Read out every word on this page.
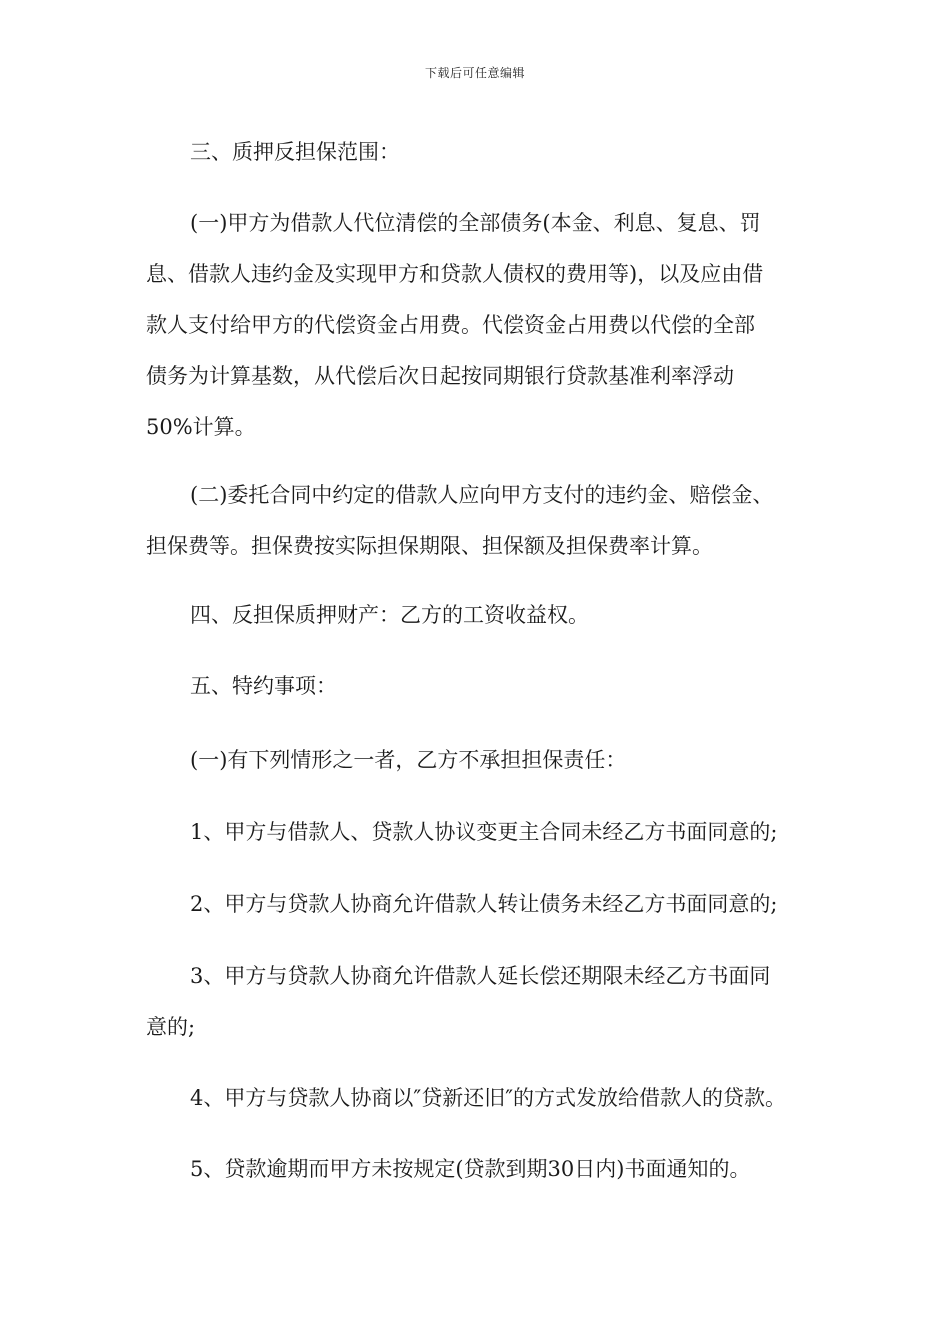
下载后可任意编辑
三、质押反担保范围：
(一)甲方为借款人代位清偿的全部债务(本金、利息、复息、罚
息、借款人违约金及实现甲方和贷款人债权的费用等)，以及应由借
款人支付给甲方的代偿资金占用费。代偿资金占用费以代偿的全部
债务为计算基数，从代偿后次日起按同期银行贷款基准利率浮动
50%计算。
(二)委托合同中约定的借款人应向甲方支付的违约金、赔偿金、
担保费等。担保费按实际担保期限、担保额及担保费率计算。
四、反担保质押财产：乙方的工资收益权。
五、特约事项：
(一)有下列情形之一者，乙方不承担担保责任：
1、甲方与借款人、贷款人协议变更主合同未经乙方书面同意的;
2、甲方与贷款人协商允许借款人转让债务未经乙方书面同意的;
3、甲方与贷款人协商允许借款人延长偿还期限未经乙方书面同
意的;
4、甲方与贷款人协商以″贷新还旧″的方式发放给借款人的贷款。
5、贷款逾期而甲方未按规定(贷款到期30日内)书面通知的。
